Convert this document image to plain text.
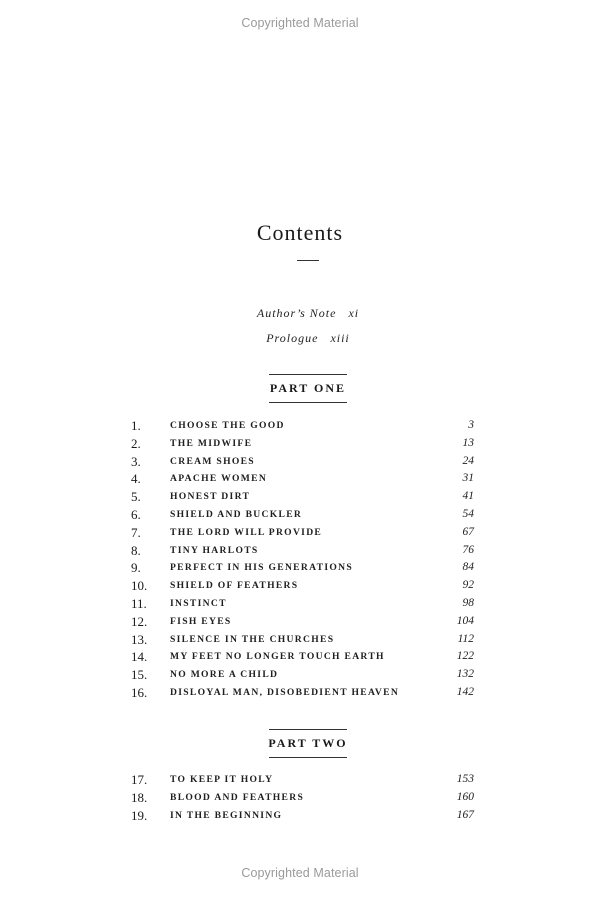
Copyrighted Material
Contents
Author’s Note xi
Prologue xiii
PART ONE
1.	CHOOSE THE GOOD	3
2.	THE MIDWIFE	13
3.	CREAM SHOES	24
4.	APACHE WOMEN	31
5.	HONEST DIRT	41
6.	SHIELD AND BUCKLER	54
7.	THE LORD WILL PROVIDE	67
8.	TINY HARLOTS	76
9.	PERFECT IN HIS GENERATIONS	84
10. SHIELD OF FEATHERS	92
11. INSTINCT	98
12. FISH EYES	104
13. SILENCE IN THE CHURCHES	112
14. MY FEET NO LONGER TOUCH EARTH	122
15. NO MORE A CHILD	132
16. DISLOYAL MAN, DISOBEDIENT HEAVEN	142
PART TWO
17. TO KEEP IT HOLY	153
18. BLOOD AND FEATHERS	160
19. IN THE BEGINNING	167
Copyrighted Material
